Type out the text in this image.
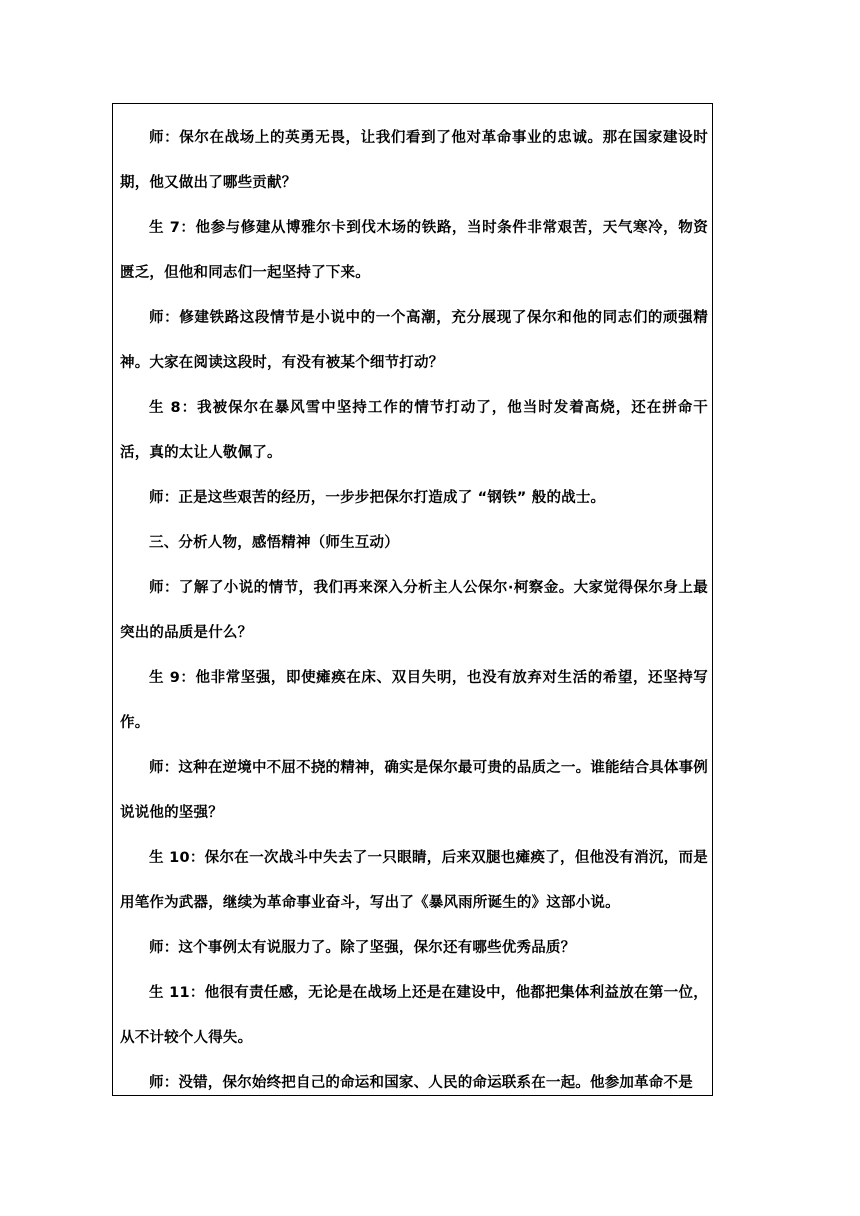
师：保尔在战场上的英勇无畏，让我们看到了他对革命事业的忠诚。那在国家建设时期，他又做出了哪些贡献？

生 7：他参与修建从博雅尔卡到伐木场的铁路，当时条件非常艰苦，天气寒冷，物资匮乏，但他和同志们一起坚持了下来。

师：修建铁路这段情节是小说中的一个高潮，充分展现了保尔和他的同志们的顽强精神。大家在阅读这段时，有没有被某个细节打动？

生 8：我被保尔在暴风雪中坚持工作的情节打动了，他当时发着高烧，还在拼命干活，真的太让人敬佩了。

师：正是这些艰苦的经历，一步步把保尔打造成了 “钢铁” 般的战士。

三、分析人物，感悟精神（师生互动）

师：了解了小说的情节，我们再来深入分析主人公保尔·柯察金。大家觉得保尔身上最突出的品质是什么？

生 9：他非常坚强，即使瘫痪在床、双目失明，也没有放弃对生活的希望，还坚持写作。

师：这种在逆境中不屈不挠的精神，确实是保尔最可贵的品质之一。谁能结合具体事例说说他的坚强？

生 10：保尔在一次战斗中失去了一只眼睛，后来双腿也瘫痪了，但他没有消沉，而是用笔作为武器，继续为革命事业奋斗，写出了《暴风雨所诞生的》这部小说。

师：这个事例太有说服力了。除了坚强，保尔还有哪些优秀品质？

生 11：他很有责任感，无论是在战场上还是在建设中，他都把集体利益放在第一位，从不计较个人得失。

师：没错，保尔始终把自己的命运和国家、人民的命运联系在一起。他参加革命不是
